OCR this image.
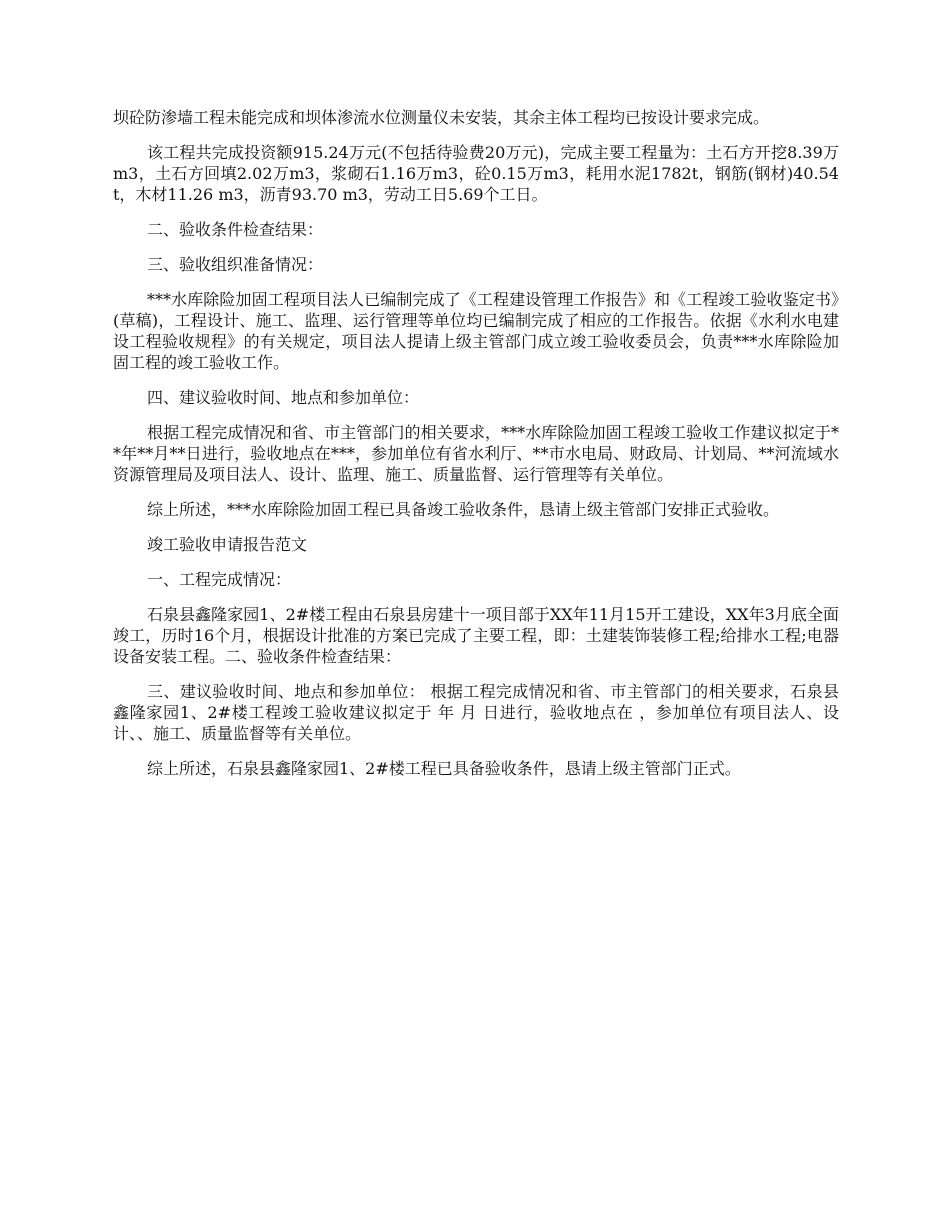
坝砼防渗墙工程未能完成和坝体渗流水位测量仪未安装，其余主体工程均已按设计要求完成。

该工程共完成投资额915.24万元(不包括待验费20万元)，完成主要工程量为：土石方开挖8.39万m3，土石方回填2.02万m3，浆砌石1.16万m3，砼0.15万m3，耗用水泥1782t，钢筋(钢材)40.54t，木材11.26 m3，沥青93.70 m3，劳动工日5.69个工日。

二、验收条件检查结果：

三、验收组织准备情况：

***水库除险加固工程项目法人已编制完成了《工程建设管理工作报告》和《工程竣工验收鉴定书》(草稿)，工程设计、施工、监理、运行管理等单位均已编制完成了相应的工作报告。依据《水利水电建设工程验收规程》的有关规定，项目法人提请上级主管部门成立竣工验收委员会，负责***水库除险加固工程的竣工验收工作。

四、建议验收时间、地点和参加单位：

根据工程完成情况和省、市主管部门的相关要求，***水库除险加固工程竣工验收工作建议拟定于**年**月**日进行，验收地点在***，参加单位有省水利厅、**市水电局、财政局、计划局、**河流域水资源管理局及项目法人、设计、监理、施工、质量监督、运行管理等有关单位。

综上所述，***水库除险加固工程已具备竣工验收条件，恳请上级主管部门安排正式验收。

竣工验收申请报告范文

一、工程完成情况：

石泉县鑫隆家园1、2#楼工程由石泉县房建十一项目部于XX年11月15开工建设，XX年3月底全面竣工，历时16个月，根据设计批准的方案已完成了主要工程，即：土建装饰装修工程;给排水工程;电器设备安装工程。二、验收条件检查结果：

三、建议验收时间、地点和参加单位： 根据工程完成情况和省、市主管部门的相关要求，石泉县鑫隆家园1、2#楼工程竣工验收建议拟定于 年 月 日进行，验收地点在 ，参加单位有项目法人、设计、、施工、质量监督等有关单位。

综上所述，石泉县鑫隆家园1、2#楼工程已具备验收条件，恳请上级主管部门正式。
